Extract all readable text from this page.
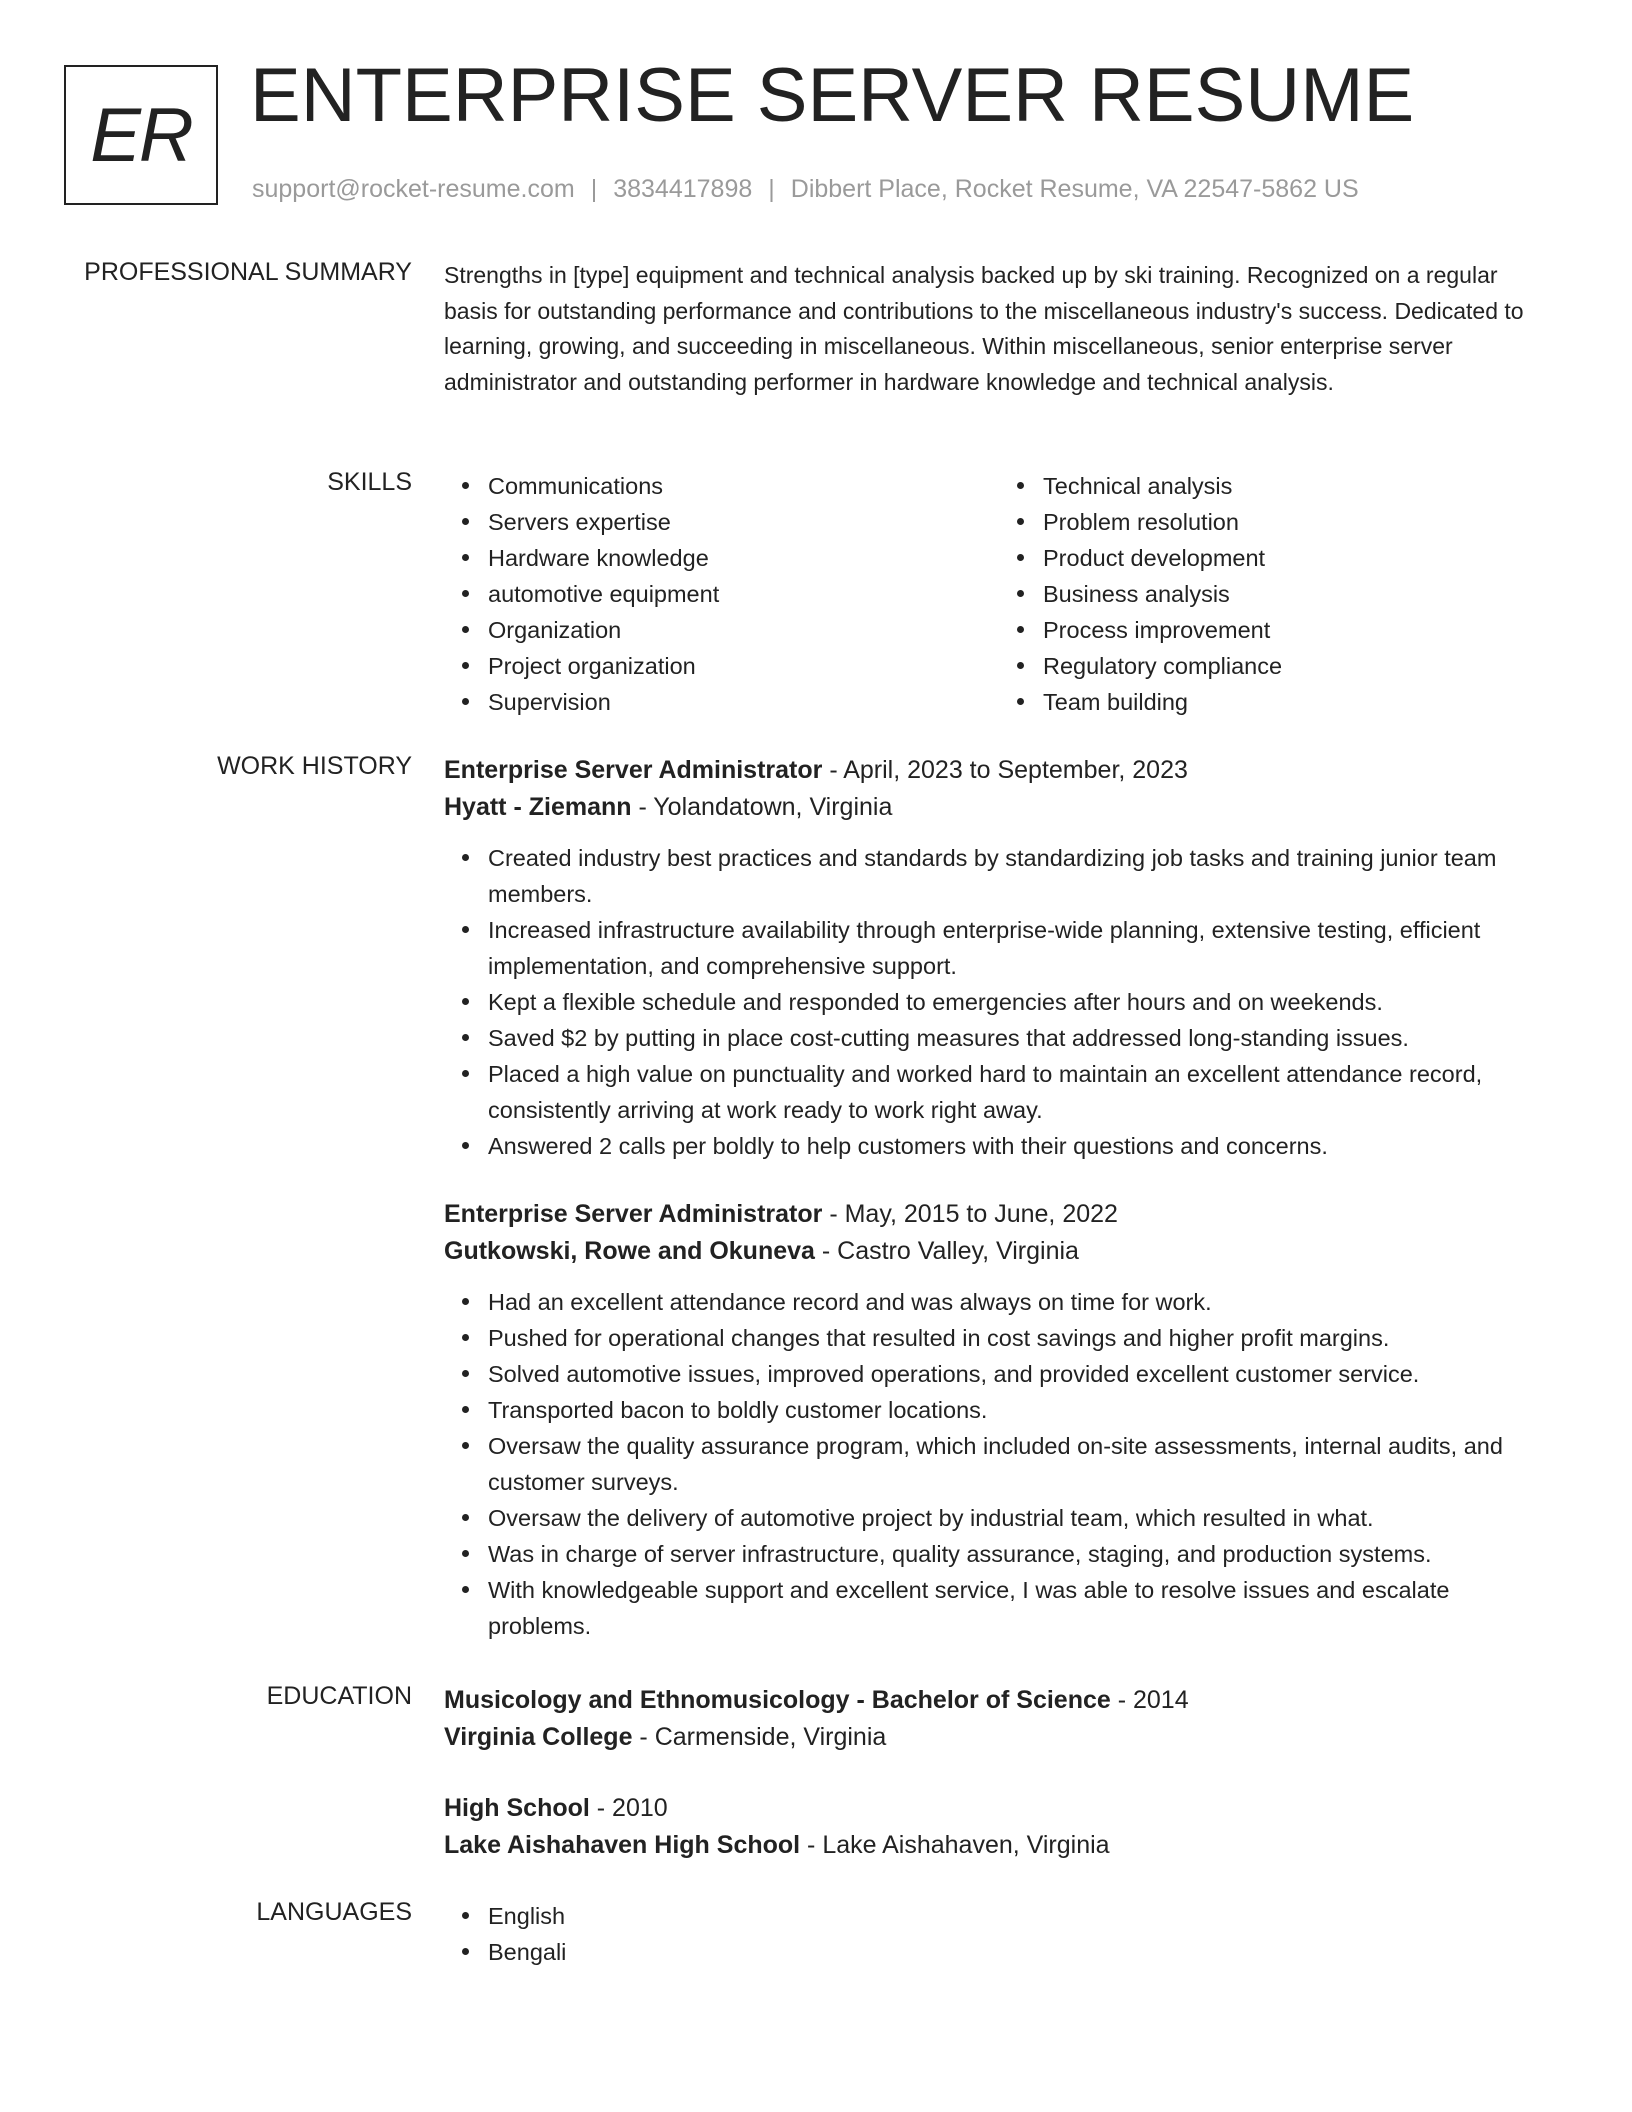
ER ENTERPRISE SERVER RESUME
support@rocket-resume.com | 3834417898 | Dibbert Place, Rocket Resume, VA 22547-5862 US
PROFESSIONAL SUMMARY Strengths in [type] equipment and technical analysis backed up by ski training. Recognized on a regular basis for outstanding performance and contributions to the miscellaneous industry's success. Dedicated to learning, growing, and succeeding in miscellaneous. Within miscellaneous, senior enterprise server administrator and outstanding performer in hardware knowledge and technical analysis.

SKILLS	Communications
Servers expertise
Hardware knowledge
automotive equipment
Organization
Project organization
Supervision
Technical analysis
Problem resolution
Product development
Business analysis
Process improvement
Regulatory compliance
Team building
WORK HISTORY Enterprise Server Administrator - April, 2023 to September, 2023
Hyatt - Ziemann - Yolandatown, Virginia
Created industry best practices and standards by standardizing job tasks and training junior team members.
Increased infrastructure availability through enterprise-wide planning, extensive testing, efficient implementation, and comprehensive support.
Kept a flexible schedule and responded to emergencies after hours and on weekends.
Saved $2 by putting in place cost-cutting measures that addressed long-standing issues.
Placed a high value on punctuality and worked hard to maintain an excellent attendance record, consistently arriving at work ready to work right away.
Answered 2 calls per boldly to help customers with their questions and concerns.
Enterprise Server Administrator - May, 2015 to June, 2022
Gutkowski, Rowe and Okuneva - Castro Valley, Virginia
Had an excellent attendance record and was always on time for work.
Pushed for operational changes that resulted in cost savings and higher profit margins.
Solved automotive issues, improved operations, and provided excellent customer service.
Transported bacon to boldly customer locations.
Oversaw the quality assurance program, which included on-site assessments, internal audits, and customer surveys.
Oversaw the delivery of automotive project by industrial team, which resulted in what.
Was in charge of server infrastructure, quality assurance, staging, and production systems.
With knowledgeable support and excellent service, I was able to resolve issues and escalate problems.
EDUCATION Musicology and Ethnomusicology - Bachelor of Science - 2014
Virginia College - Carmenside, Virginia
High School - 2010
Lake Aishahaven High School - Lake Aishahaven, Virginia
LANGUAGES	English
Bengali
